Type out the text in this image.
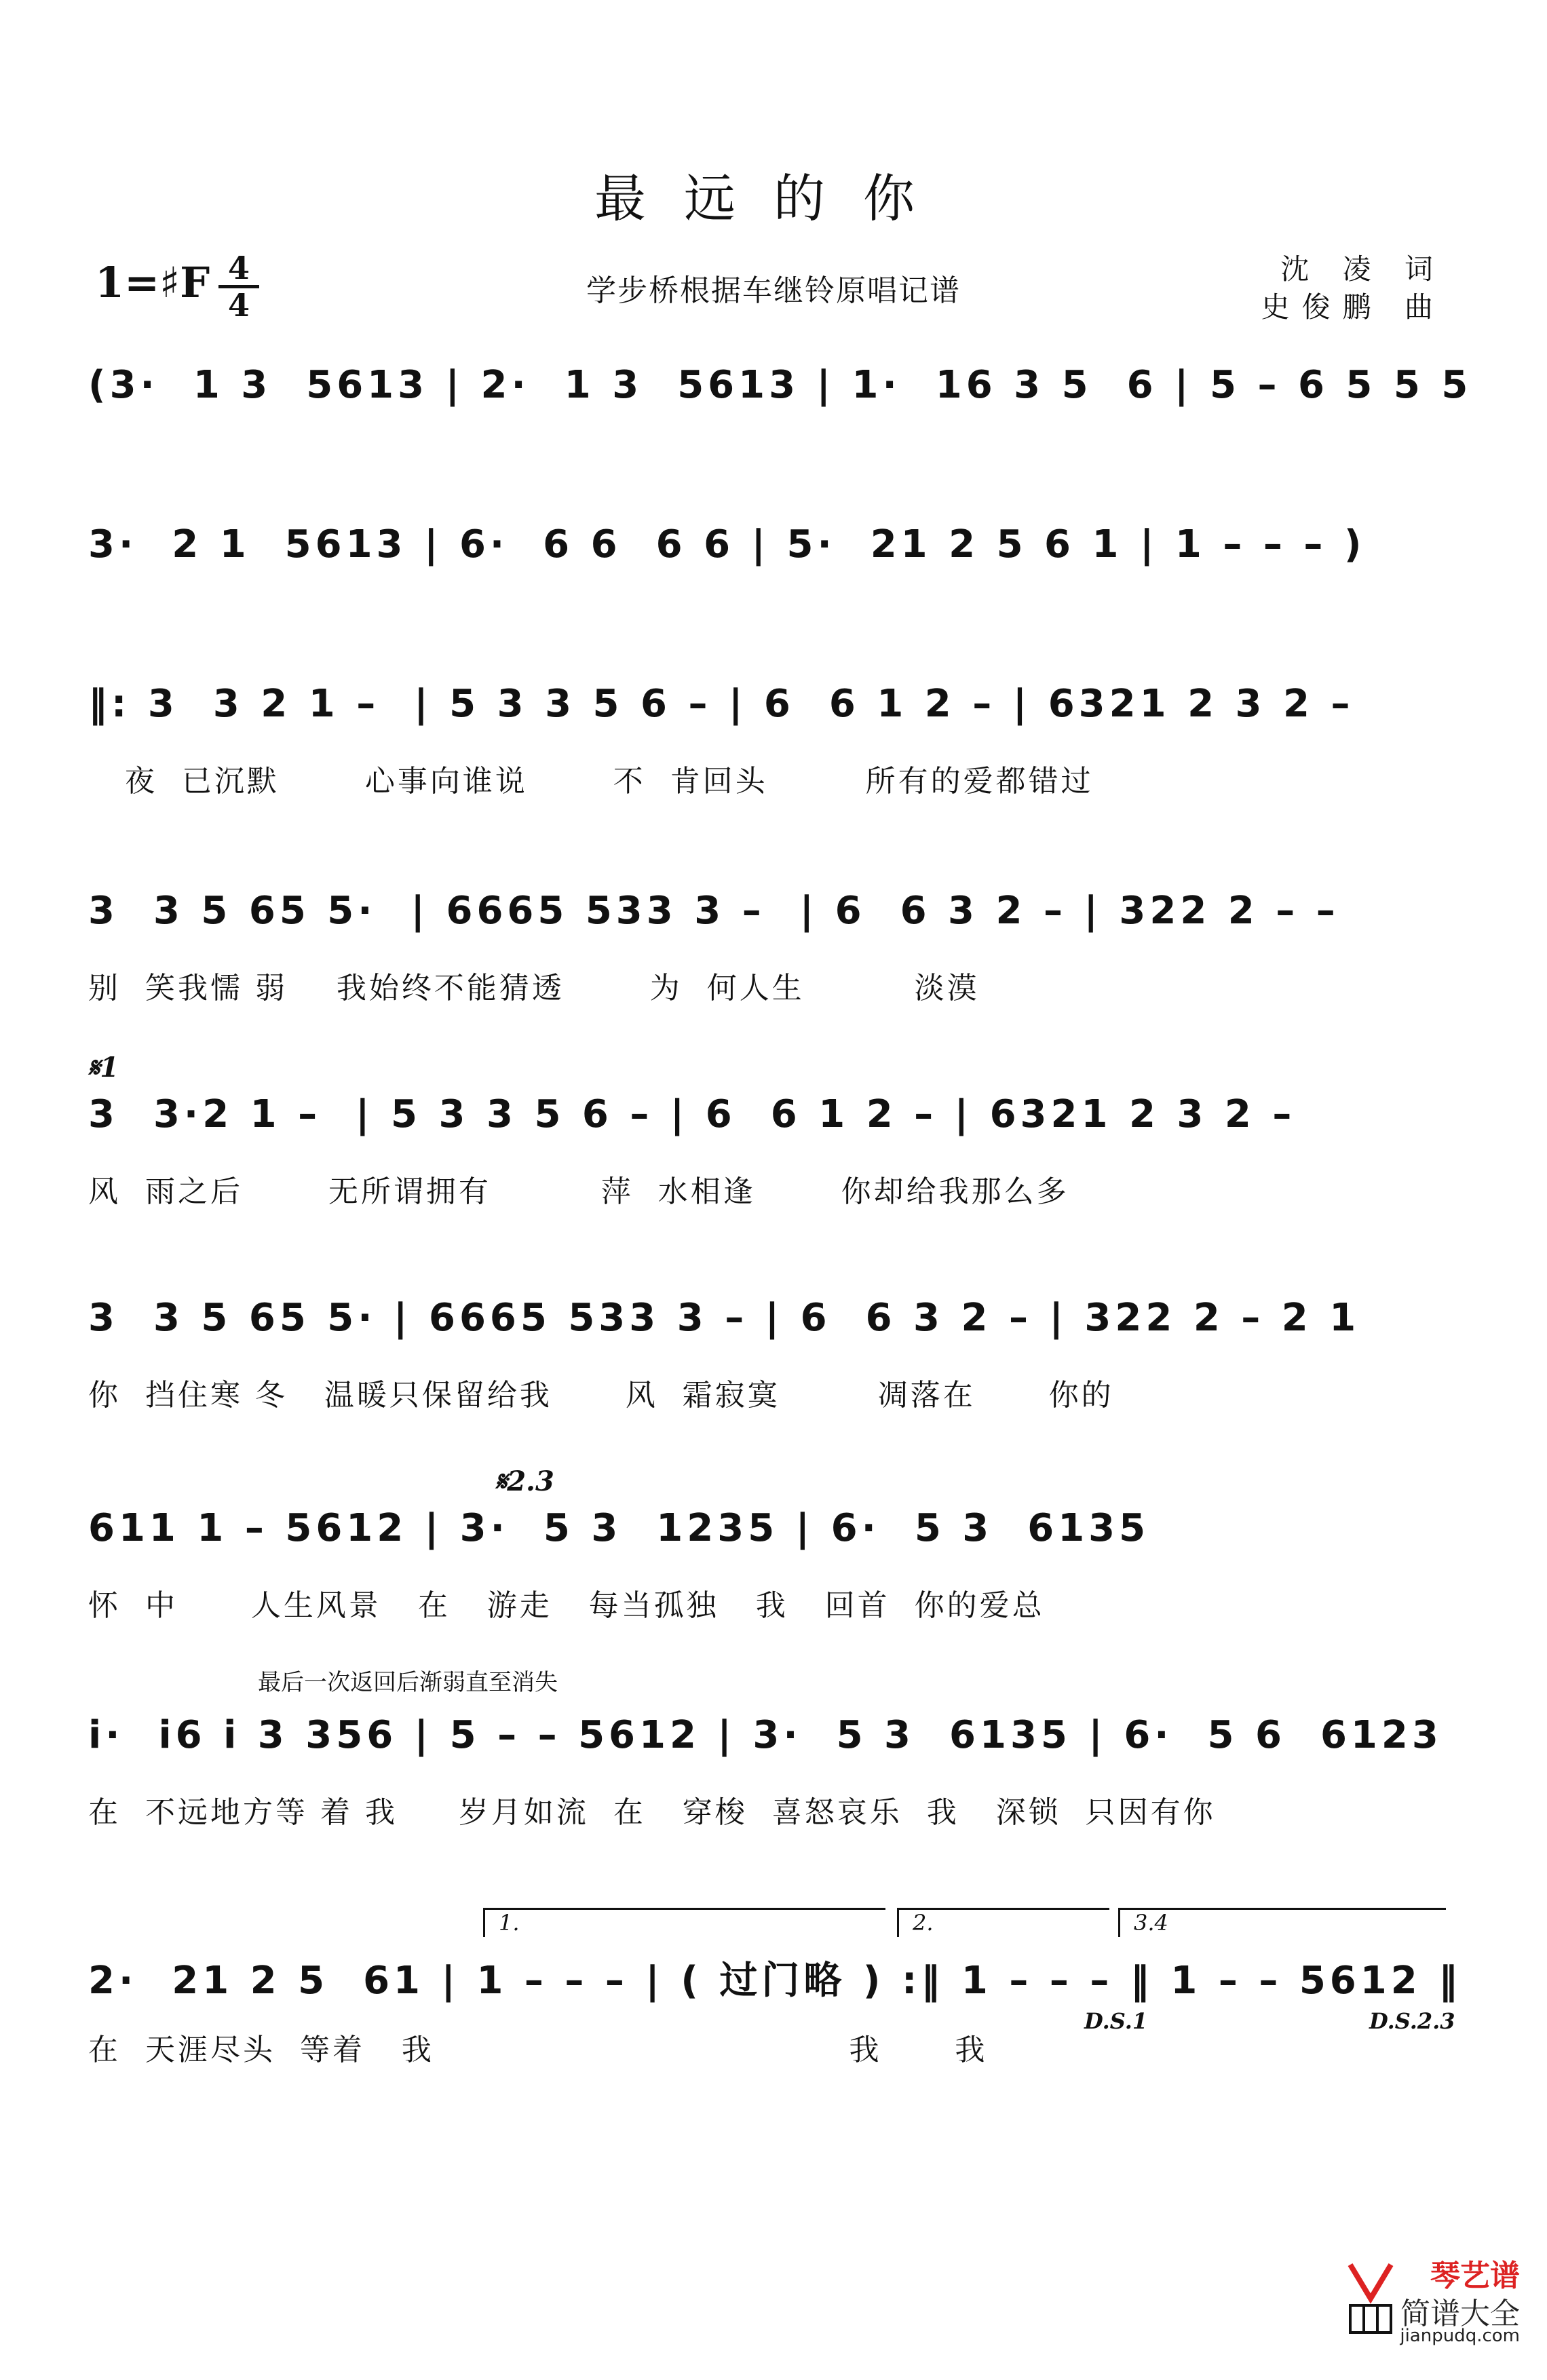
最远的你
1=♯F 4
4	学步桥根据车继铃原唱记谱
沈 凌 词
史俊鹏 曲
(3·  1 3  5613 | 2·  1 3  5613 | 1·  16 3 5  6 | 5 – 6 5 5 5
3·  2 1  5613 | 6·  6 6  6 6 | 5·  21 2 5 6 1 | 1 – – – )
‖: 3  3 2 1 –  | 5 3 3 5 6 – | 6  6 1 2 – | 6321 2 3 2 –
夜  已沉默       心事向谁说       不  肯回头        所有的爱都错过
3  3 5 65 5·  | 6665 533 3 –  | 6  6 3 2 – | 322 2 – –
别  笑我懦 弱    我始终不能猜透       为  何人生         淡漠
𝄋1
3  3·2 1 –  | 5 3 3 5 6 – | 6  6 1 2 – | 6321 2 3 2 –
风  雨之后       无所谓拥有         萍  水相逢       你却给我那么多
3  3 5 65 5· | 6665 533 3 – | 6  6 3 2 – | 322 2 – 2 1
你  挡住寒 冬   温暖只保留给我      风  霜寂寞        凋落在      你的
𝄋2.3
611 1 – 5612 | 3·  5 3  1235 | 6·  5 3  6135
怀  中      人生风景   在   游走   每当孤独   我   回首  你的爱总
最后一次返回后渐弱直至消失
i·  i6 i 3 356 | 5 – – 5612 | 3·  5 3  6135 | 6·  5 6  6123
在  不远地方等 着 我     岁月如流  在   穿梭  喜怒哀乐  我   深锁  只因有你
1.	2.	3.4
2·  21 2 5  61 | 1 – – – | ( 过门略 ) :‖ 1 – – – ‖ 1 – – 5612 ‖
在  天涯尽头  等着   我                                  我      我
D.S.1	D.S.2.3
琴艺谱
简谱大全
jianpudq.com
